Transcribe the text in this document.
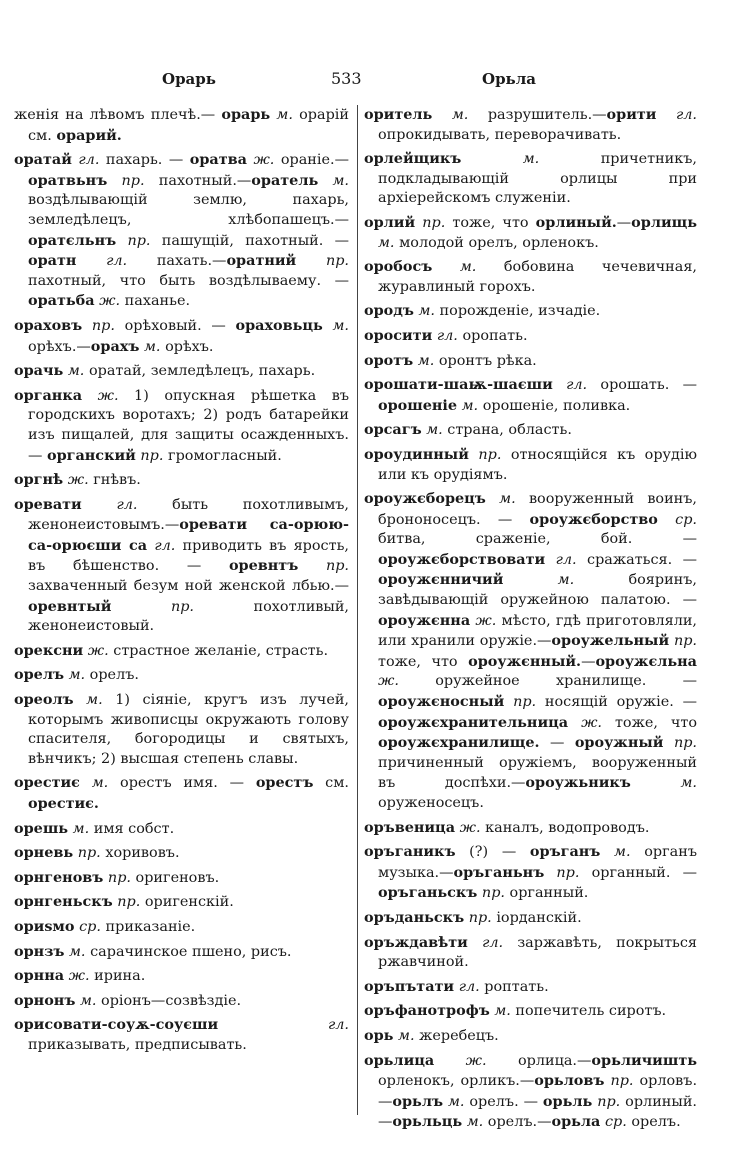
Орарь	533	Орьла

женія на лѣвомъ плечѣ.— орарь м. орарій см. орарий.

оратай гл. пахарь. — оратва ж. ораніе.—оратвьнъ пр. пахотный.—оратель м. воздѣлывающій землю, пахарь, земледѣлецъ, хлѣбопашецъ.— оратєльнъ пр. пашущій, пахотный. —оратн гл. пахать.—оратний пр. пахотный, что быть воздѣлываему. — оратьба ж. паханье.

ораховъ пр. орѣховый. — ораховьць м. орѣхъ.—орахъ м. орѣхъ.

орачь м. оратай, земледѣлецъ, пахарь.

органка ж. 1) опускная рѣшетка въ городскихъ воротахъ; 2) родъ батарейки изъ пищалей, для защиты осажденныхъ.— органский пр. громогласный.

оргнѣ ж. гнѣвъ.

оревати гл. быть похотливымъ, женонеистовымъ.—оревати са-орюю-са-орюєши са гл. приводить въ ярость, въ бѣшенство. — оревнтъ пр. захваченный безум ной женской лбью.—оревнтый	пр. похотливый, женонеистовый.

орексни ж. страстное желаніе, страсть.

орелъ м. орелъ.

ореолъ м. 1) сіяніе, кругъ изъ лучей, которымъ живописцы окружають голову спасителя, богородицы и святыхъ, вѣнчикъ; 2) высшая степень славы.

орестиє м. орестъ имя. — орестъ см. орестиє.

орешь м. имя собст.

орневь пр. хоривовъ.

орнгеновъ пр. оригеновъ.

орнгеньскъ пр. оригенскій.

ориѕмо ср. приказаніе.

орнзъ м. сарачинское пшено, рисъ.

орнна ж. ирина.

орнонъ м. оріонъ—созвѣздіе.

орисовати-соуѫ-соуєши	гл. приказывать, предписывать.

оритель м. разрушитель.—орити гл. опрокидывать, переворачивать.

орлейщикъ	м. причетникъ, подкладывающій орлицы при архіерейскомъ служеніи.

орлий пр. тоже, что орлиный.—орлищь м. молодой орелъ, орленокъ.

оробосъ м. бобовина чечевичная, журавлиный горохъ.

ородъ м. порожденіе, изчадіе.

оросити гл. оропать.

оротъ м. оронтъ рѣка.

орошати-шаѭ-шаєши гл. орошать. —орошеніе м. орошеніе, поливка.

орсагъ м. страна, область.

ороудинный пр. относящійся къ орудію или къ орудіямъ.

ороужєборецъ м. вооруженный воинъ, брононосецъ. — ороужєборство ср. битва, сраженіе, бой. — ороужєборствовати гл. сражаться. — ороужєнничий	м. бояринъ, завѣдывающій оружейною палатою. — ороужєнна ж. мѣсто, гдѣ приготовляли, или хранили оружіе.—ороужельный пр. тоже, что ороужєнный.—ороужєльна ж. оружейное хранилище. — ороужєносный пр. носящій оружіе. — ороужєхранительница ж. тоже, что ороужєхранилище. — ороужный пр. причиненный оружіемъ, вооруженный въ доспѣхи.—ороужьникъ	м. оруженосецъ.

оръвеница ж. каналъ, водопроводъ.

оръганикъ (?) — оръганъ м. органъ музыка.—оръганьнъ пр. органный. —оръганьскъ пр. органный.

оръданьскъ пр. іорданскій.

оръждавѣти гл. заржавѣть, покрыться ржавчиной.

оръпътати гл. роптать.

оръфанотрофъ м. попечитель сиротъ.

орь м. жеребецъ.

орьлица ж. орлица.—орьличишть орленокъ, орликъ.—орьловъ пр. орловъ.—орьлъ м. орелъ. — орьль пр. орлиный.—орьльць м. орелъ.—орьла ср. орелъ.
